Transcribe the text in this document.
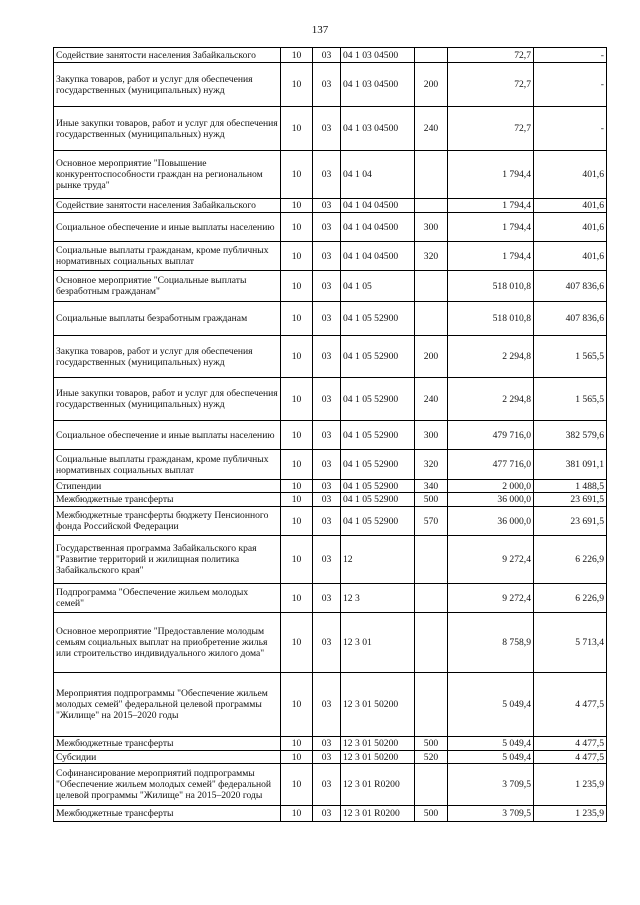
137
Содействие занятости населения Забайкальского	10	03	04 1 03 04500		72,7	-
Закупка товаров, работ и услуг для обеспечения государственных (муниципальных) нужд	10	03	04 1 03 04500	200	72,7	-
Иные закупки товаров, работ и услуг для обеспечения государственных (муниципальных) нужд	10	03	04 1 03 04500	240	72,7	-
Основное мероприятие "Повышение конкурентоспособности граждан на региональном рынке труда"	10	03	04 1 04		1 794,4	401,6
Содействие занятости населения Забайкальского	10	03	04 1 04 04500		1 794,4	401,6
Социальное обеспечение и иные выплаты населению	10	03	04 1 04 04500	300	1 794,4	401,6
Социальные выплаты гражданам, кроме публичных нормативных социальных выплат	10	03	04 1 04 04500	320	1 794,4	401,6
Основное мероприятие "Социальные выплаты безработным гражданам"	10	03	04 1 05		518 010,8	407 836,6
Социальные выплаты безработным гражданам	10	03	04 1 05 52900		518 010,8	407 836,6
Закупка товаров, работ и услуг для обеспечения государственных (муниципальных) нужд	10	03	04 1 05 52900	200	2 294,8	1 565,5
Иные закупки товаров, работ и услуг для обеспечения государственных (муниципальных) нужд	10	03	04 1 05 52900	240	2 294,8	1 565,5
Социальное обеспечение и иные выплаты населению	10	03	04 1 05 52900	300	479 716,0	382 579,6
Социальные выплаты гражданам, кроме публичных нормативных социальных выплат	10	03	04 1 05 52900	320	477 716,0	381 091,1
Стипендии	10	03	04 1 05 52900	340	2 000,0	1 488,5
Межбюджетные трансферты	10	03	04 1 05 52900	500	36 000,0	23 691,5
Межбюджетные трансферты бюджету Пенсионного фонда Российской Федерации	10	03	04 1 05 52900	570	36 000,0	23 691,5
Государственная программа Забайкальского края "Развитие территорий и жилищная политика Забайкальского края"	10	03	12		9 272,4	6 226,9
Подпрограмма "Обеспечение жильем молодых семей"	10	03	12 3		9 272,4	6 226,9
Основное мероприятие "Предоставление молодым семьям социальных выплат на приобретение жилья или строительство индивидуального жилого дома"	10	03	12 3 01		8 758,9	5 713,4
Мероприятия подпрограммы "Обеспечение жильем молодых семей" федеральной целевой программы "Жилище" на 2015–2020 годы	10	03	12 3 01 50200		5 049,4	4 477,5
Межбюджетные трансферты	10	03	12 3 01 50200	500	5 049,4	4 477,5
Субсидии	10	03	12 3 01 50200	520	5 049,4	4 477,5
Софинансирование мероприятий подпрограммы "Обеспечение жильем молодых семей" федеральной целевой программы "Жилище" на 2015–2020 годы	10	03	12 3 01 R0200		3 709,5	1 235,9
Межбюджетные трансферты	10	03	12 3 01 R0200	500	3 709,5	1 235,9
